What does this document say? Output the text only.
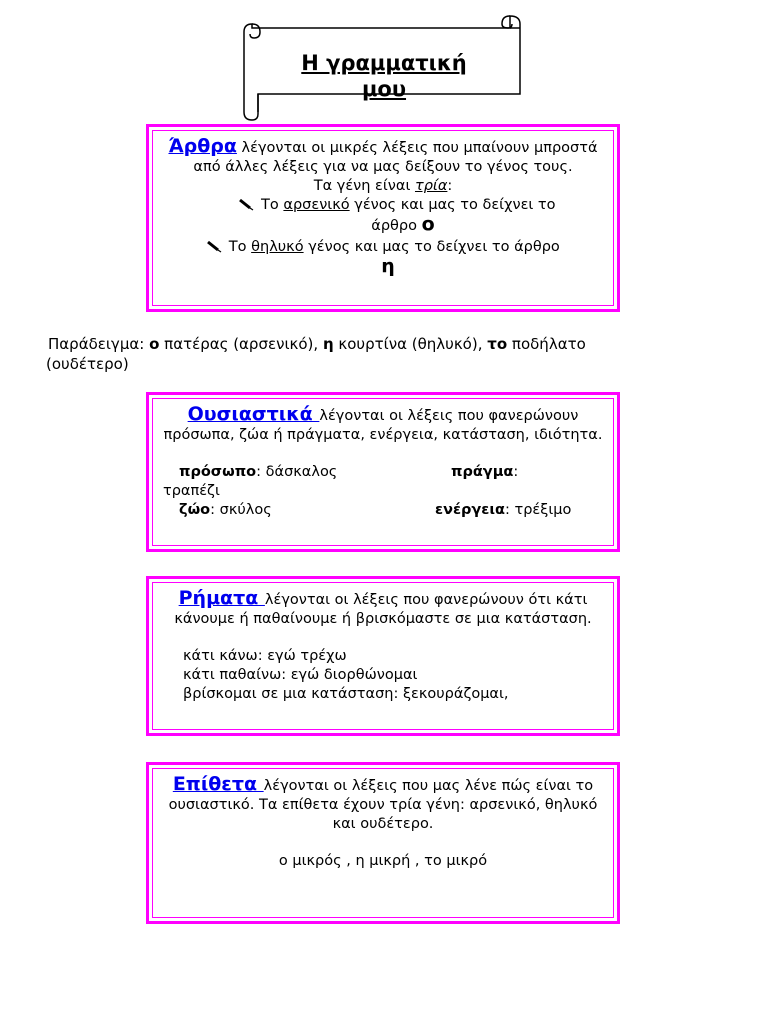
Η γραμματική
μου
Άρθρα λέγονται οι μικρές λέξεις που μπαίνουν μπροστά από άλλες λέξεις για να μας δείξουν το γένος τους.
Τα γένη είναι τρία:
Το αρσενικό γένος και μας το δείχνει το
άρθρο ο
Το θηλυκό γένος και μας το δείχνει το άρθρο
η
Παράδειγμα: ο πατέρας (αρσενικό), η κουρτίνα (θηλυκό), το ποδήλατο
(ουδέτερο)
Ουσιαστικά λέγονται οι λέξεις που φανερώνουν πρόσωπα, ζώα ή πράγματα, ενέργεια, κατάσταση, ιδιότητα.
πρόσωπο: δάσκαλος	πράγμα:
τραπέζι
ζώο: σκύλος	ενέργεια: τρέξιμο
Ρήματα λέγονται οι λέξεις που φανερώνουν ότι κάτι κάνουμε ή παθαίνουμε ή βρισκόμαστε σε μια κατάσταση.
κάτι κάνω: εγώ τρέχω
κάτι παθαίνω: εγώ διορθώνομαι
βρίσκομαι σε μια κατάσταση: ξεκουράζομαι,
Επίθετα λέγονται οι λέξεις που μας λένε πώς είναι το ουσιαστικό. Τα επίθετα έχουν τρία γένη: αρσενικό, θηλυκό και ουδέτερο.
ο μικρός , η μικρή , το μικρό
